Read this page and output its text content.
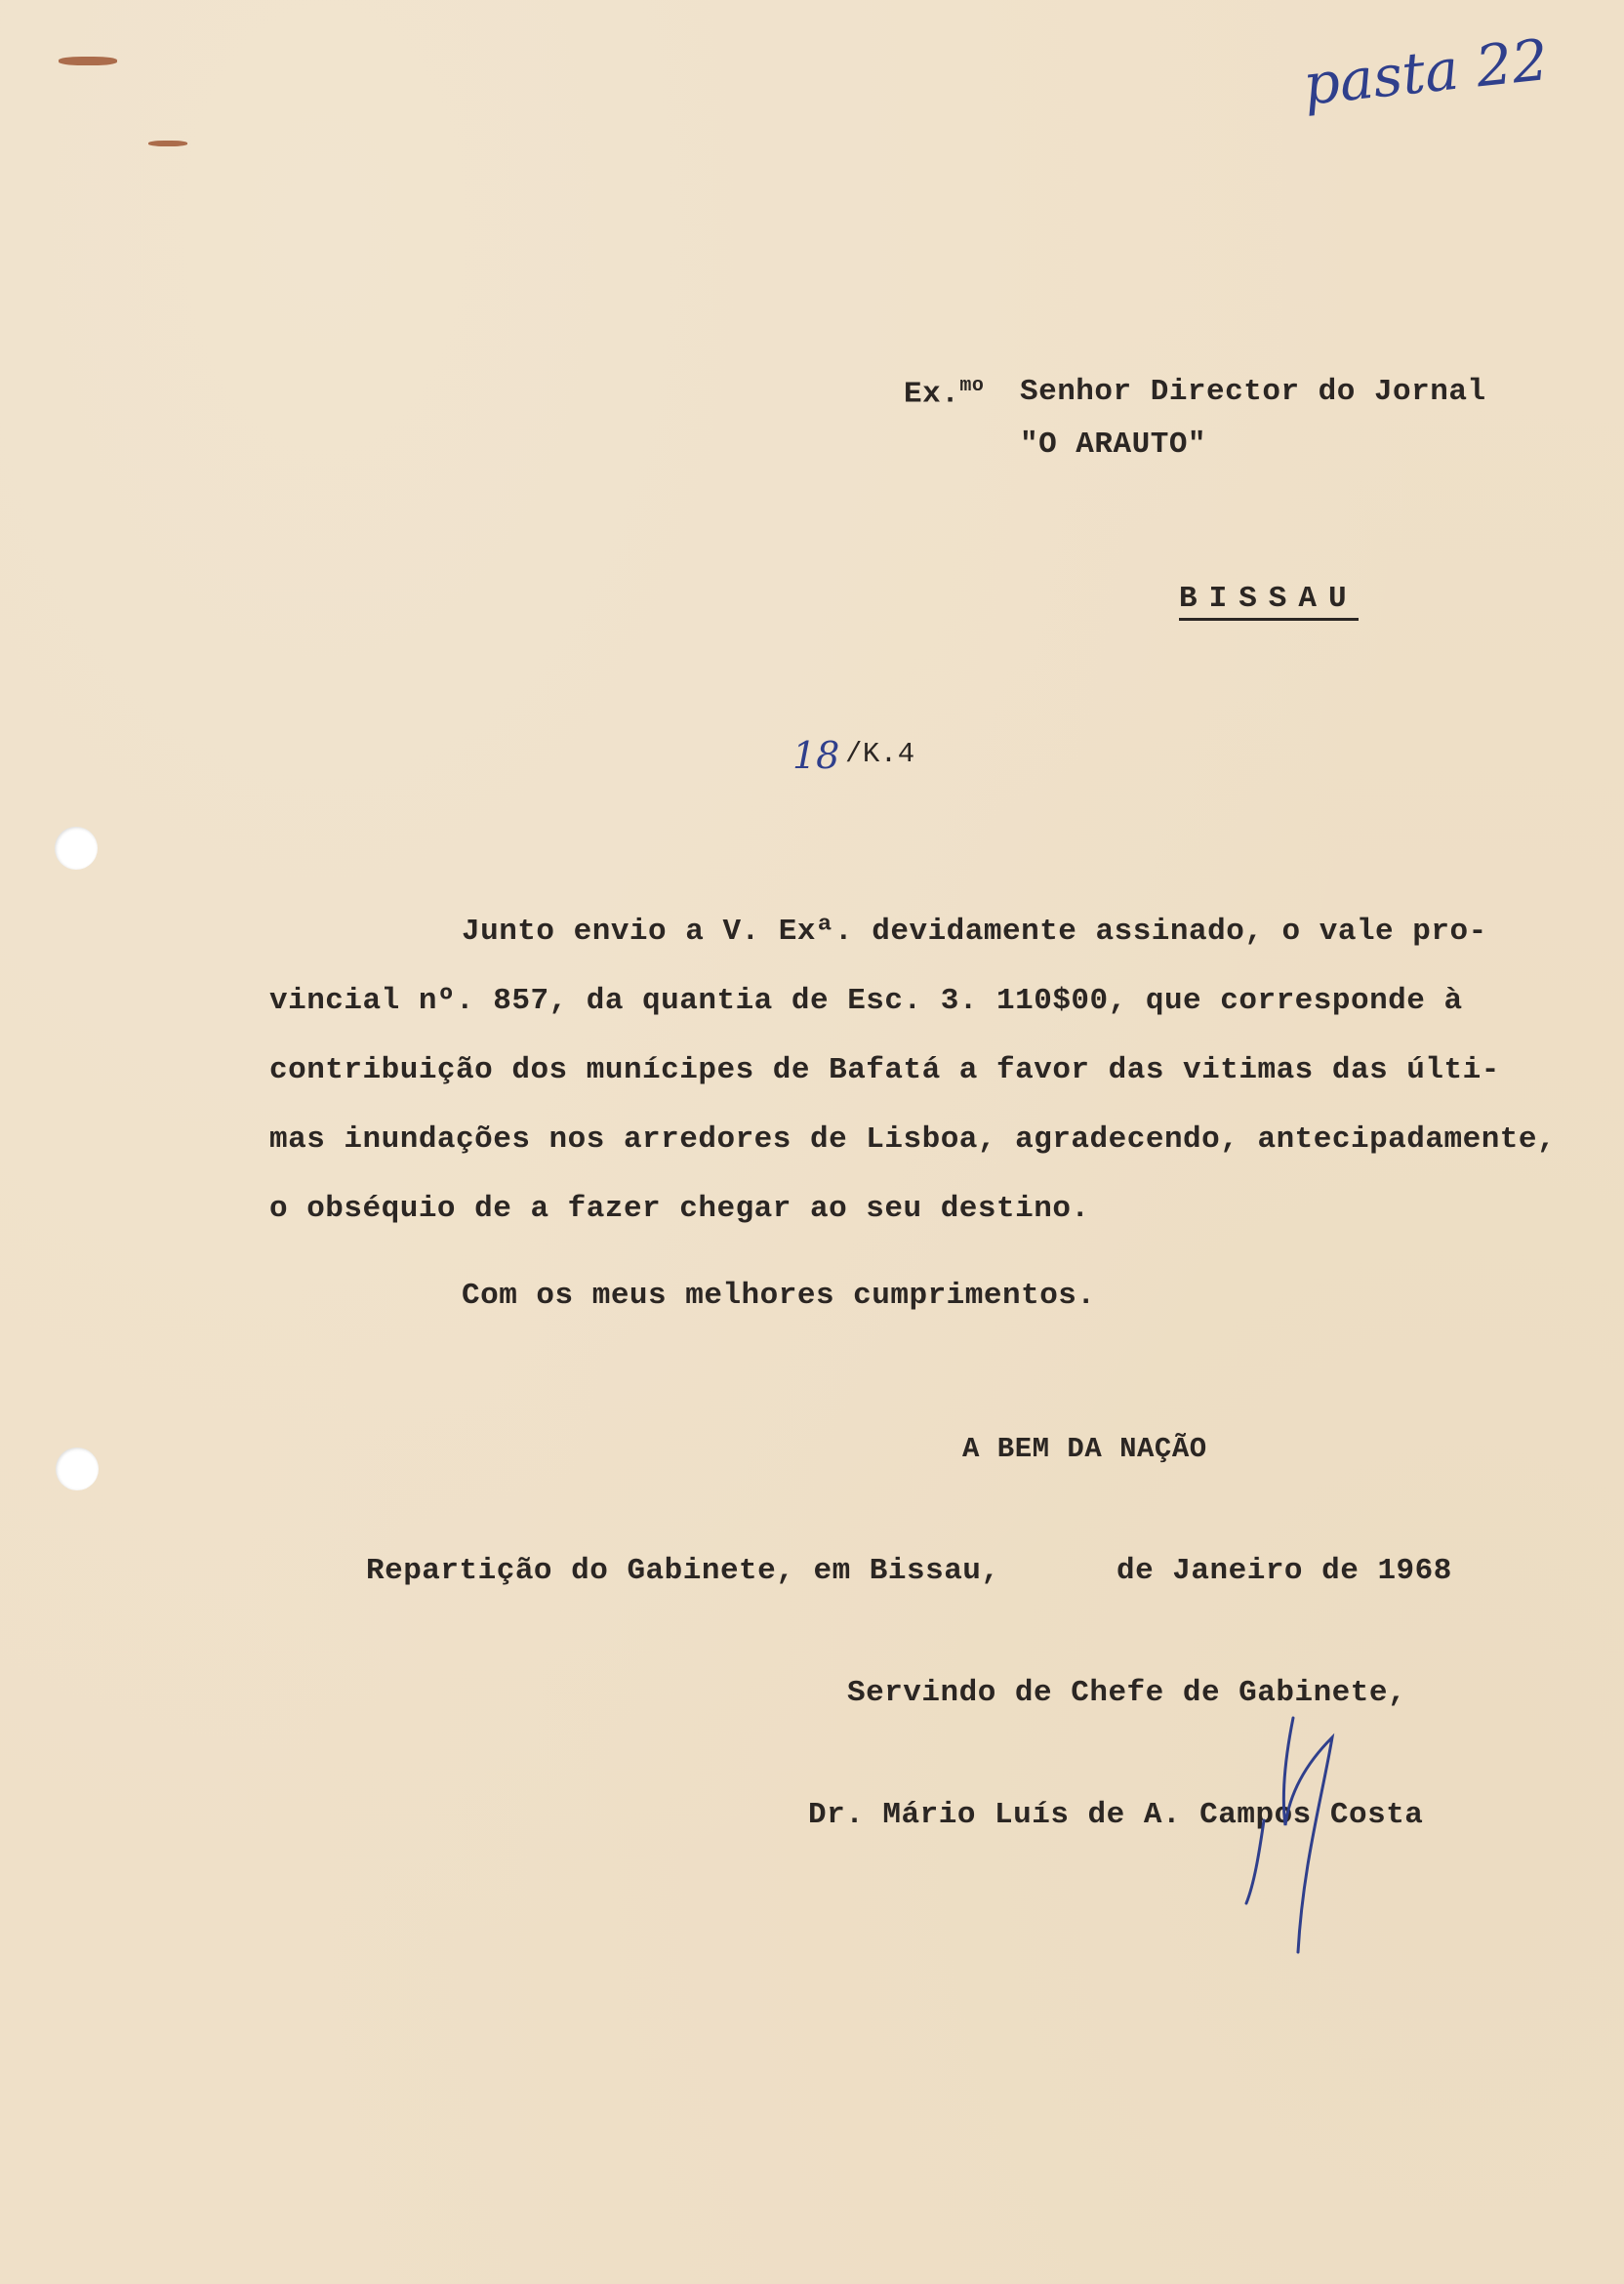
pasta 22
Ex.$^{mo}$ Senhor Director do Jornal
"O ARAUTO"
BISSAU
18 /K.4
Junto envio a V. Exª. devidamente assinado, o vale pro-
vincial nº. 857, da quantia de Esc. 3. 110$00, que corresponde à
contribuição dos munícipes de Bafatá a favor das vitimas das últi-
mas inundações nos arredores de Lisboa, agradecendo, antecipadamente,
o obséquio de a fazer chegar ao seu destino.
Com os meus melhores cumprimentos.
A BEM DA NAÇÃO
Repartição do Gabinete, em Bissau,	de Janeiro de 1968
Servindo de Chefe de Gabinete,
Dr. Mário Luís de A. Campos Costa
